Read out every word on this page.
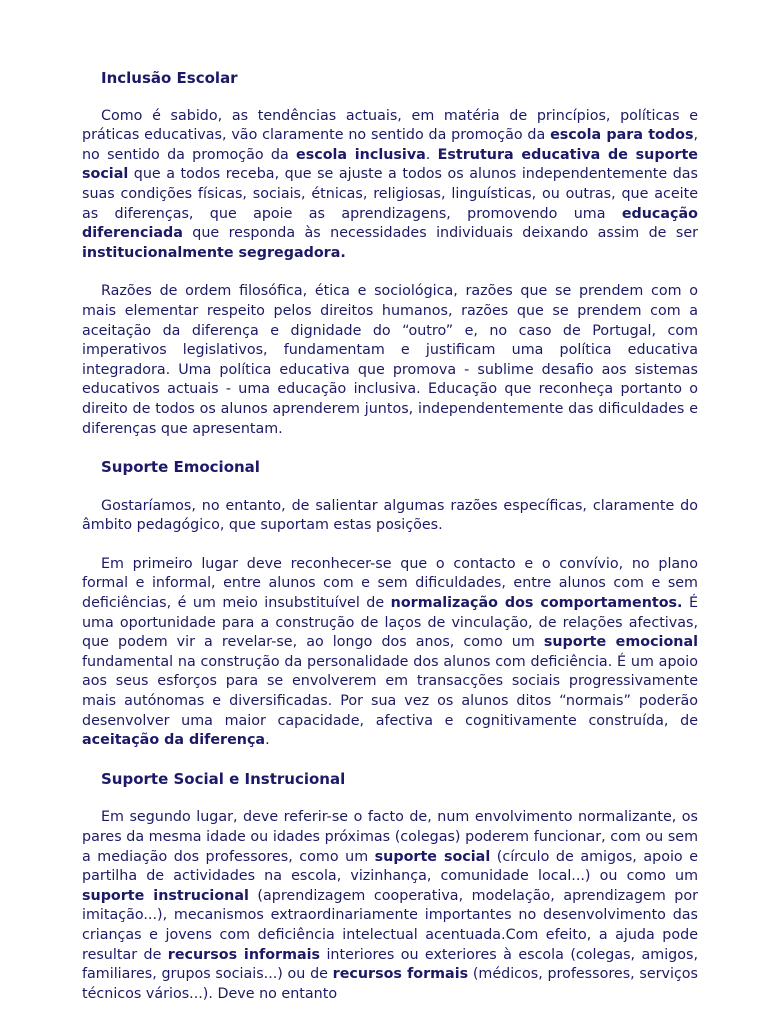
Inclusão Escolar

Como é sabido, as tendências actuais, em matéria de princípios, políticas e práticas educativas, vão claramente no sentido da promoção da escola para todos, no sentido da promoção da escola inclusiva. Estrutura educativa de suporte social que a todos receba, que se ajuste a todos os alunos independentemente das suas condições físicas, sociais, étnicas, religiosas, linguísticas, ou outras, que aceite as diferenças, que apoie as aprendizagens, promovendo uma educação diferenciada que responda às necessidades individuais deixando assim de ser institucionalmente segregadora.

Razões de ordem filosófica, ética e sociológica, razões que se prendem com o mais elementar respeito pelos direitos humanos, razões que se prendem com a aceitação da diferença e dignidade do “outro” e, no caso de Portugal, com imperativos legislativos, fundamentam e justificam uma política educativa integradora. Uma política educativa que promova - sublime desafio aos sistemas educativos actuais - uma educação inclusiva. Educação que reconheça portanto o direito de todos os alunos aprenderem juntos, independentemente das dificuldades e diferenças que apresentam.

Suporte Emocional

Gostaríamos, no entanto, de salientar algumas razões específicas, claramente do âmbito pedagógico, que suportam estas posições.

Em primeiro lugar deve reconhecer-se que o contacto e o convívio, no plano formal e informal, entre alunos com e sem dificuldades, entre alunos com e sem deficiências, é um meio insubstituível de normalização dos comportamentos. É uma oportunidade para a construção de laços de vinculação, de relações afectivas, que podem vir a revelar-se, ao longo dos anos, como um suporte emocional fundamental na construção da personalidade dos alunos com deficiência. É um apoio aos seus esforços para se envolverem em transacções sociais progressivamente mais autónomas e diversificadas. Por sua vez os alunos ditos “normais” poderão desenvolver uma maior capacidade, afectiva e cognitivamente construída, de aceitação da diferença.

Suporte Social e Instrucional

Em segundo lugar, deve referir-se o facto de, num envolvimento normalizante, os pares da mesma idade ou idades próximas (colegas) poderem funcionar, com ou sem a mediação dos professores, como um suporte social (círculo de amigos, apoio e partilha de actividades na escola, vizinhança, comunidade local...) ou como um suporte instrucional (aprendizagem cooperativa, modelação, aprendizagem por imitação...), mecanismos extraordinariamente importantes no desenvolvimento das crianças e jovens com deficiência intelectual acentuada.Com efeito, a ajuda pode resultar de recursos informais interiores ou exteriores à escola (colegas, amigos, familiares, grupos sociais...) ou de recursos formais (médicos, professores, serviços técnicos vários...). Deve no entanto
